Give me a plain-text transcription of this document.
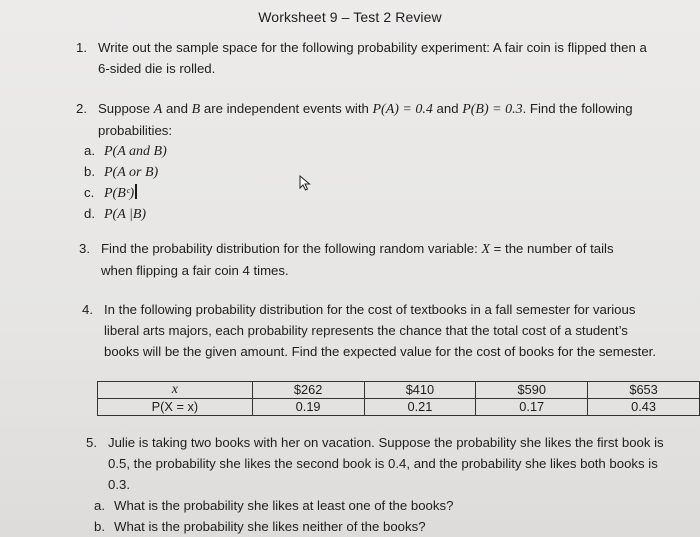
Worksheet 9 – Test 2 Review
1. Write out the sample space for the following probability experiment: A fair coin is flipped then a
6-sided die is rolled.
2. Suppose A and B are independent events with P(A) = 0.4 and P(B) = 0.3. Find the following
probabilities:
a. P(A and B)
b. P(A or B)
c. P(Bᶜ)
d. P(A |B)
3. Find the probability distribution for the following random variable: X = the number of tails
when flipping a fair coin 4 times.
4. In the following probability distribution for the cost of textbooks in a fall semester for various
liberal arts majors, each probability represents the chance that the total cost of a student’s
books will be the given amount. Find the expected value for the cost of books for the semester.
x	$262	$410	$590	$653
P(X = x)	0.19	0.21	0.17	0.43
5. Julie is taking two books with her on vacation. Suppose the probability she likes the first book is
0.5, the probability she likes the second book is 0.4, and the probability she likes both books is
0.3.
a. What is the probability she likes at least one of the books?
b. What is the probability she likes neither of the books?
